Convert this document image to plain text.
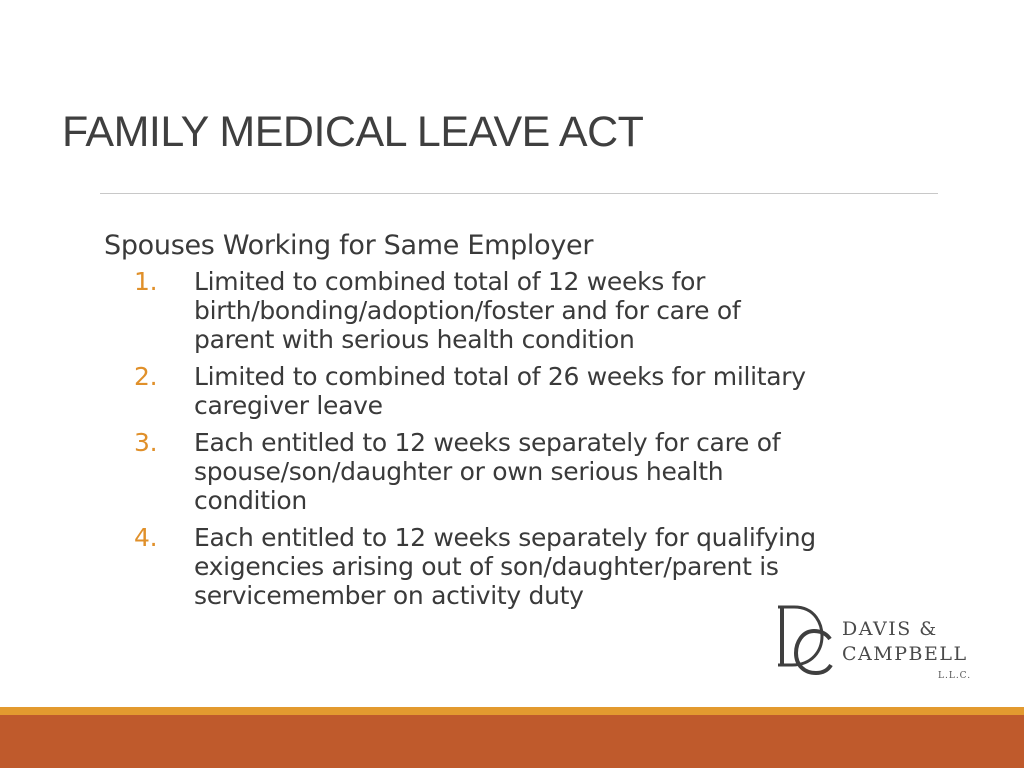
FAMILY MEDICAL LEAVE ACT
Spouses Working for Same Employer
1. Limited to combined total of 12 weeks for
birth/bonding/adoption/foster and for care of
parent with serious health condition
2. Limited to combined total of 26 weeks for military
caregiver leave
3. Each entitled to 12 weeks separately for care of
spouse/son/daughter or own serious health
condition
4. Each entitled to 12 weeks separately for qualifying
exigencies arising out of son/daughter/parent is
servicemember on activity duty
DAVIS &
CAMPBELL
L.L.C.
